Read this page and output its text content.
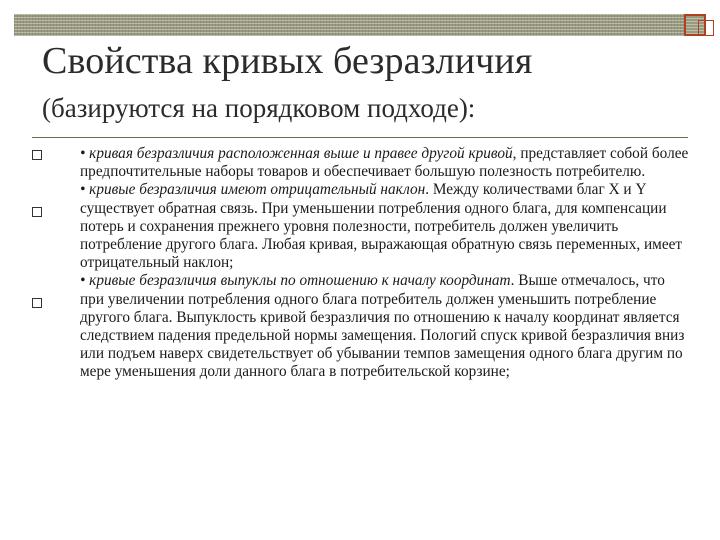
Свойства кривых безразличия
(базируются на порядковом подходе):

• кривая безразличия расположенная выше и правее другой кривой, представляет собой более предпочтительные наборы товаров и обеспечивает большую полезность потребителю.

• кривые безразличия имеют отрицательный наклон. Между количествами благ X и Y существует обратная связь. При уменьшении потребления одного блага, для компенсации потерь и сохранения прежнего уровня полезности, потребитель должен увеличить потребление другого блага. Любая кривая, выражающая обратную связь переменных, имеет отрицательный наклон;

• кривые безразличия выпуклы по отношению к началу координат. Выше отмечалось, что при увеличении потребления одного блага потребитель должен уменьшить потребление другого блага. Выпуклость кривой безразличия по отношению к началу координат является следствием падения предельной нормы замещения. Пологий спуск кривой безразличия вниз или подъем наверх свидетельствует об убывании темпов замещения одного блага другим по мере уменьшения доли данного блага в потребительской корзине;
